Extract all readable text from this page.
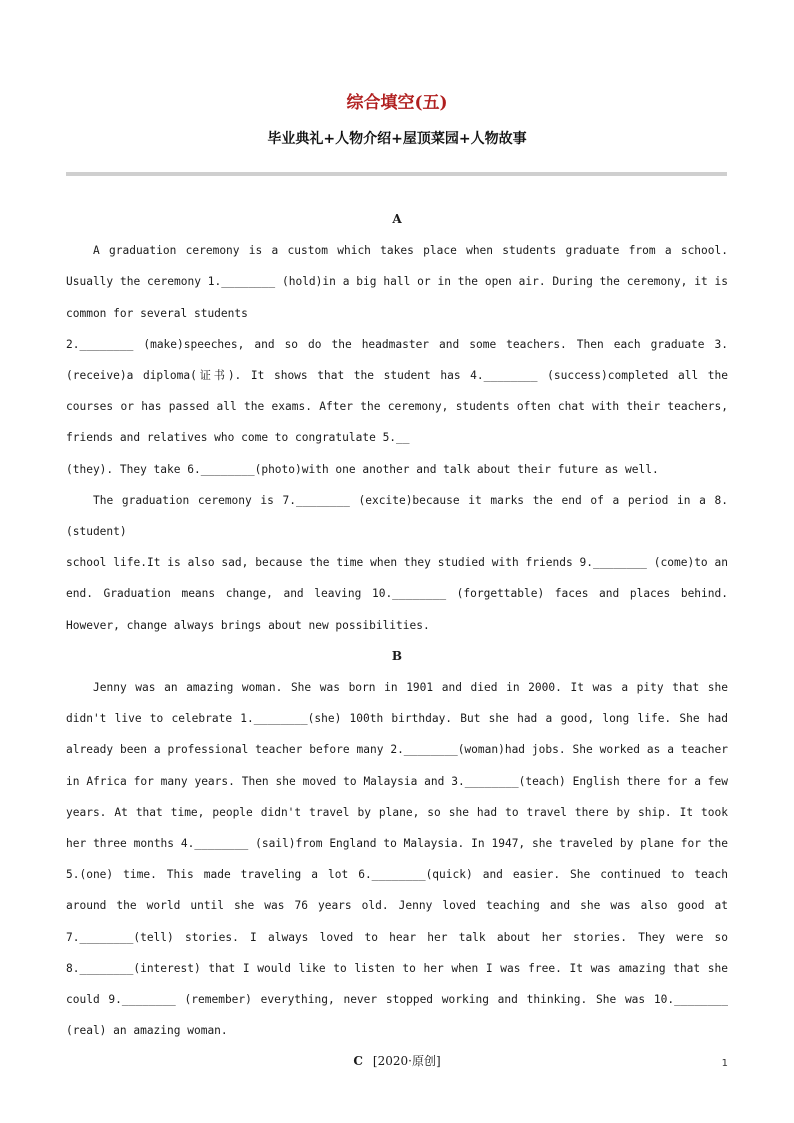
综合填空(五)
毕业典礼+人物介绍+屋顶菜园+人物故事
A

A graduation ceremony is a custom which takes place when students graduate from a school. Usually the ceremony 1.________ (hold)in a big hall or in the open air. During the ceremony, it is common for several students

2.________ (make)speeches, and so do the headmaster and some teachers. Then each graduate 3.(receive)a diploma(证书). It shows that the student has 4.________ (success)completed all the courses or has passed all the exams. After the ceremony, students often chat with their teachers, friends and relatives who come to congratulate 5.__

(they). They take 6.________(photo)with one another and talk about their future as well.

The graduation ceremony is 7.________ (excite)because it marks the end of a period in a 8.(student)

school life.It is also sad, because the time when they studied with friends 9.________ (come)to an end. Graduation means change, and leaving 10.________ (forgettable) faces and places behind. However, change always brings about new possibilities.

B

Jenny was an amazing woman. She was born in 1901 and died in 2000. It was a pity that she didn't live to celebrate 1.________(she) 100th birthday. But she had a good, long life. She had already been a professional teacher before many 2.________(woman)had jobs. She worked as a teacher in Africa for many years. Then she moved to Malaysia and 3.________(teach) English there for a few years. At that time, people didn't travel by plane, so she had to travel there by ship. It took her three months 4.________ (sail)from England to Malaysia. In 1947, she traveled by plane for the 5.(one) time. This made traveling a lot 6.________(quick) and easier. She continued to teach around the world until she was 76 years old. Jenny loved teaching and she was also good at 7.________(tell) stories. I always loved to hear her talk about her stories. They were so 8.________(interest) that I would like to listen to her when I was free. It was amazing that she could 9.________ (remember) everything, never stopped working and thinking. She was 10.________ (real) an amazing woman.

C [2020·原创]	1
